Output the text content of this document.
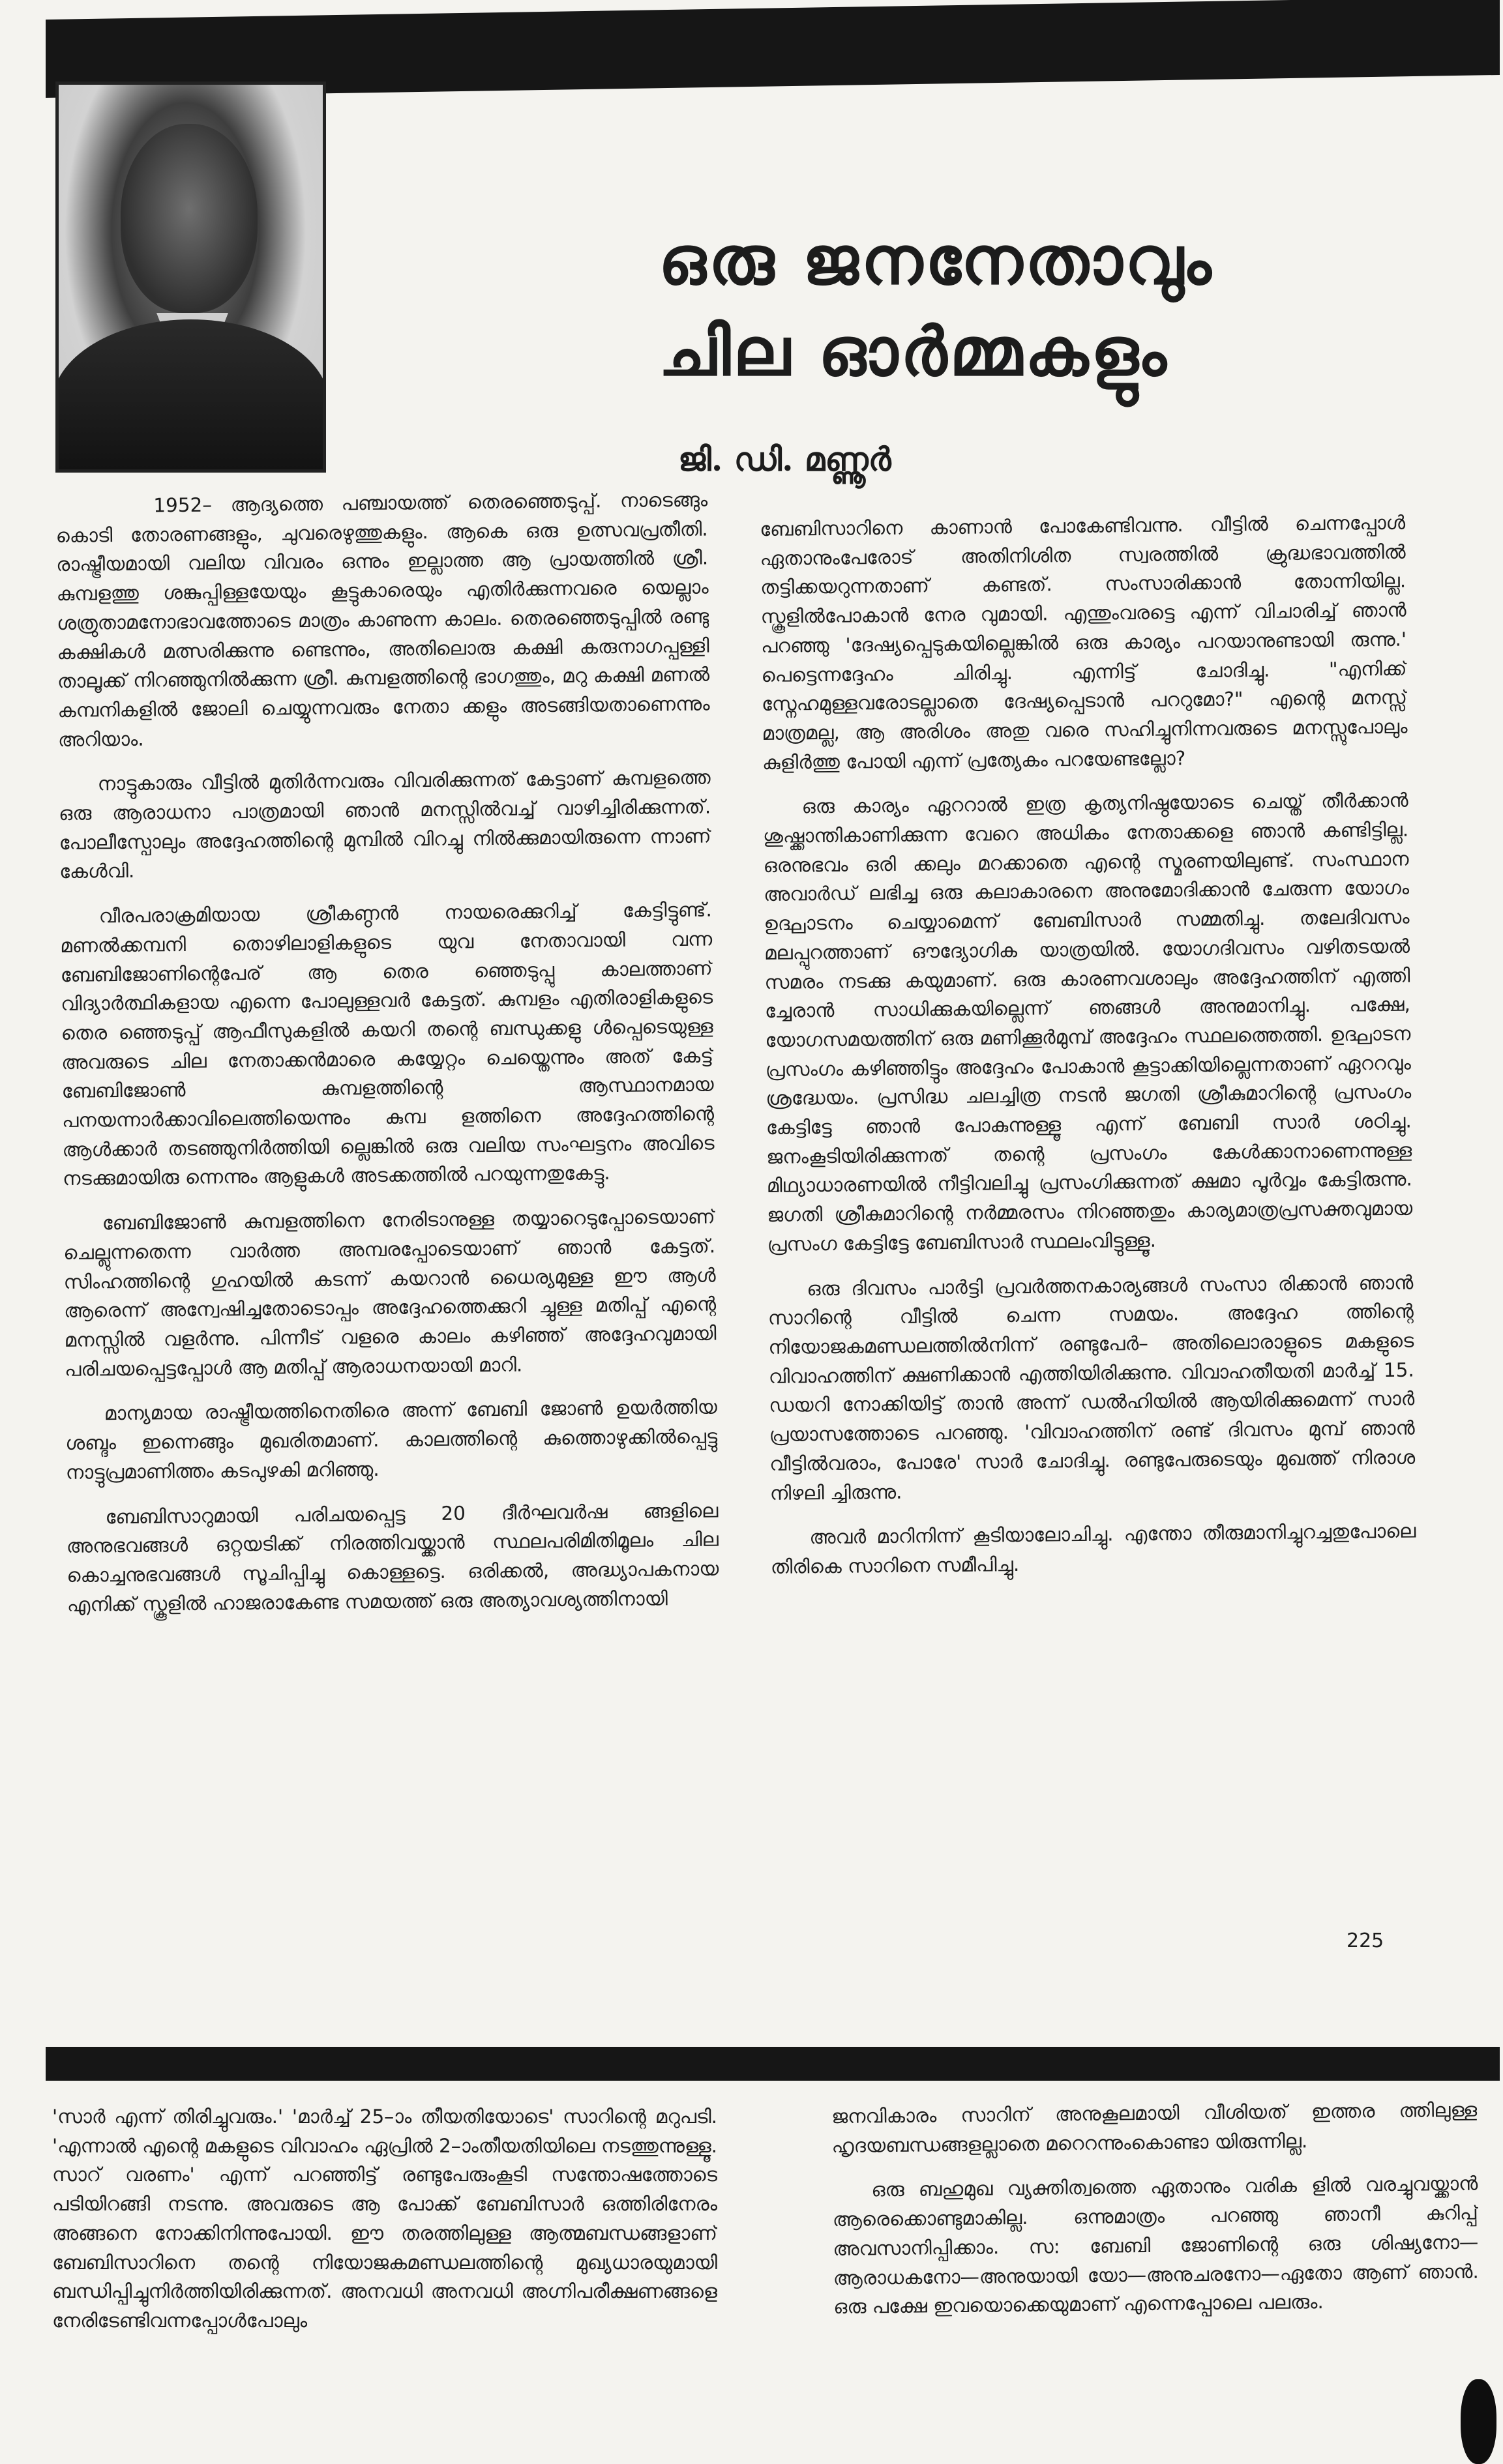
ഒരു ജനനേതാവും
ചില ഓർമ്മകളും
ജി. ഡി. മണ്ണൂർ

1952– ആദ്യത്തെ പഞ്ചായത്ത് തെരഞ്ഞെടുപ്പ്. നാടെങ്ങും കൊടി തോരണങ്ങളും, ചുവരെഴുത്തുകളും. ആകെ ഒരു ഉത്സവപ്രതീതി. രാഷ്ട്രീയമായി വലിയ വിവരം ഒന്നും ഇല്ലാത്ത ആ പ്രായത്തിൽ ശ്രീ. കുമ്പളത്തു ശങ്കുപ്പിള്ളയേയും കൂട്ടുകാരെയും എതിർക്കുന്നവരെ യെല്ലാം ശത്രുതാമനോഭാവത്തോടെ മാത്രം കാണുന്ന കാലം. തെരഞ്ഞെടുപ്പിൽ രണ്ടു കക്ഷികൾ മത്സരിക്കുന്നു ണ്ടെന്നും, അതിലൊരു കക്ഷി കരുനാഗപ്പള്ളി താലൂക്ക് നിറഞ്ഞുനിൽക്കുന്ന ശ്രീ. കുമ്പളത്തിന്റെ ഭാഗത്തും, മറു കക്ഷി മണൽ കമ്പനികളിൽ ജോലി ചെയ്യുന്നവരും നേതാ ക്കളും അടങ്ങിയതാണെന്നും അറിയാം.

നാട്ടുകാരും വീട്ടിൽ മുതിർന്നവരും വിവരിക്കുന്നത് കേട്ടാണ് കുമ്പളത്തെ ഒരു ആരാധനാ പാത്രമായി ഞാൻ മനസ്സിൽവച്ച് വാഴിച്ചിരിക്കുന്നത്. പോലീസ്പോലും അദ്ദേഹത്തിന്റെ മുമ്പിൽ വിറച്ചു നിൽക്കുമായിരുന്നെ ന്നാണ് കേൾവി.

വീരപരാക്രമിയായ ശ്രീകണ്ഠൻ നായരെക്കുറിച്ച് കേട്ടിട്ടുണ്ട്. മണൽക്കമ്പനി തൊഴിലാളികളുടെ യുവ നേതാവായി വന്ന ബേബിജോണിന്റെപേര് ആ തെര ഞ്ഞെടുപ്പു കാലത്താണ് വിദ്യാർത്ഥികളായ എന്നെ പോലുള്ളവർ കേട്ടത്. കുമ്പളം എതിരാളികളുടെ തെര ഞ്ഞെടുപ്പ് ആഫീസുകളിൽ കയറി തന്റെ ബന്ധുക്കളു ൾപ്പെടെയുള്ള അവരുടെ ചില നേതാക്കൻമാരെ കയ്യേറ്റം ചെയ്തെന്നും അത് കേട്ട് ബേബിജോൺ കുമ്പളത്തിന്റെ ആസ്ഥാനമായ പനയന്നാർക്കാവിലെത്തിയെന്നും കുമ്പ ളത്തിനെ അദ്ദേഹത്തിന്റെ ആൾക്കാർ തടഞ്ഞുനിർത്തിയി ല്ലെങ്കിൽ ഒരു വലിയ സംഘട്ടനം അവിടെ നടക്കുമായിരു ന്നെന്നും ആളുകൾ അടക്കത്തിൽ പറയുന്നതുകേട്ടു.

ബേബിജോൺ കുമ്പളത്തിനെ നേരിടാനുള്ള തയ്യാറെടുപ്പോടെയാണ് ചെല്ലുന്നതെന്ന വാർത്ത അമ്പരപ്പോടെയാണ് ഞാൻ കേട്ടത്. സിംഹത്തിന്റെ ഗുഹയിൽ കടന്ന് കയറാൻ ധൈര്യമുള്ള ഈ ആൾ ആരെന്ന് അന്വേഷിച്ചതോടൊപ്പം അദ്ദേഹത്തെക്കുറി ച്ചുള്ള മതിപ്പ് എന്റെ മനസ്സിൽ വളർന്നു. പിന്നീട് വളരെ കാലം കഴിഞ്ഞ് അദ്ദേഹവുമായി പരിചയപ്പെട്ടപ്പോൾ ആ മതിപ്പ് ആരാധനയായി മാറി.

മാന്യമായ രാഷ്ട്രീയത്തിനെതിരെ അന്ന് ബേബി ജോൺ ഉയർത്തിയ ശബ്ദം ഇന്നെങ്ങും മുഖരിതമാണ്. കാലത്തിന്റെ കുത്തൊഴുക്കിൽപ്പെട്ടു നാട്ടുപ്രമാണിത്തം കടപുഴകി മറിഞ്ഞു.

ബേബിസാറുമായി പരിചയപ്പെട്ട 20 ദീർഘവർഷ ങ്ങളിലെ അനുഭവങ്ങൾ ഒറ്റയടിക്ക് നിരത്തിവയ്ക്കാൻ സ്ഥലപരിമിതിമൂലം ചില കൊച്ചനുഭവങ്ങൾ സൂചിപ്പിച്ചു കൊള്ളട്ടെ. ഒരിക്കൽ, അദ്ധ്യാപകനായ എനിക്ക് സ്കൂളിൽ ഹാജരാകേണ്ട സമയത്ത് ഒരു അത്യാവശ്യത്തിനായി

ബേബിസാറിനെ കാണാൻ പോകേണ്ടിവന്നു. വീട്ടിൽ ചെന്നപ്പോൾ ഏതാനുംപേരോട് അതിനിശിത സ്വരത്തിൽ ക്രുദ്ധഭാവത്തിൽ തട്ടിക്കയറുന്നതാണ് കണ്ടത്. സംസാരിക്കാൻ തോന്നിയില്ല. സ്കൂളിൽപോകാൻ നേര വുമായി. എന്തുംവരട്ടെ എന്ന് വിചാരിച്ച് ഞാൻ പറഞ്ഞു 'ദേഷ്യപ്പെടുകയില്ലെങ്കിൽ ഒരു കാര്യം പറയാനുണ്ടായി രുന്നു.' പെട്ടെന്നദ്ദേഹം ചിരിച്ചു. എന്നിട്ട് ചോദിച്ചു. "എനിക്ക് സ്നേഹമുള്ളവരോടല്ലാതെ ദേഷ്യപ്പെടാൻ പററുമോ?" എന്റെ മനസ്സ് മാത്രമല്ല, ആ അരിശം അതു വരെ സഹിച്ചുനിന്നവരുടെ മനസ്സുപോലും കുളിർത്തു പോയി എന്ന് പ്രത്യേകം പറയേണ്ടല്ലോ?

ഒരു കാര്യം ഏററാൽ ഇത്ര കൃത്യനിഷ്ഠയോടെ ചെയ്ത് തീർക്കാൻ ശുഷ്ക്കാന്തികാണിക്കുന്ന വേറെ അധികം നേതാക്കളെ ഞാൻ കണ്ടിട്ടില്ല. ഒരനുഭവം ഒരി ക്കലും മറക്കാതെ എന്റെ സ്മരണയിലുണ്ട്. സംസ്ഥാന അവാർഡ് ലഭിച്ച ഒരു കലാകാരനെ അനുമോദിക്കാൻ ചേരുന്ന യോഗം ഉദ്ഘാടനം ചെയ്യാമെന്ന് ബേബിസാർ സമ്മതിച്ചു. തലേദിവസം മലപ്പുറത്താണ് ഔദ്യോഗിക യാത്രയിൽ. യോഗദിവസം വഴിതടയൽ സമരം നടക്കു കയുമാണ്. ഒരു കാരണവശാലും അദ്ദേഹത്തിന് എത്തി ച്ചേരാൻ സാധിക്കുകയില്ലെന്ന് ഞങ്ങൾ അനുമാനിച്ചു. പക്ഷേ, യോഗസമയത്തിന് ഒരു മണിക്കൂർമുമ്പ് അദ്ദേഹം സ്ഥലത്തെത്തി. ഉദ്ഘാടന പ്രസംഗം കഴിഞ്ഞിട്ടും അദ്ദേഹം പോകാൻ കൂട്ടാക്കിയില്ലെന്നതാണ് ഏററവും ശ്രദ്ധേയം. പ്രസിദ്ധ ചലച്ചിത്ര നടൻ ജഗതി ശ്രീകുമാറിന്റെ പ്രസംഗം കേട്ടിട്ടേ ഞാൻ പോകുന്നുള്ളൂ എന്ന് ബേബി സാർ ശഠിച്ചു. ജനംകൂടിയിരിക്കുന്നത് തന്റെ പ്രസംഗം കേൾക്കാനാണെന്നുള്ള മിഥ്യാധാരണയിൽ നീട്ടിവലിച്ചു പ്രസംഗിക്കുന്നത് ക്ഷമാ പൂർവ്വം കേട്ടിരുന്നു. ജഗതി ശ്രീകുമാറിന്റെ നർമ്മരസം നിറഞ്ഞതും കാര്യമാത്രപ്രസക്തവുമായ പ്രസംഗ കേട്ടിട്ടേ ബേബിസാർ സ്ഥലംവിട്ടുള്ളൂ.

ഒരു ദിവസം പാർട്ടി പ്രവർത്തനകാര്യങ്ങൾ സംസാ രിക്കാൻ ഞാൻ സാറിന്റെ വീട്ടിൽ ചെന്ന സമയം. അദ്ദേഹ ത്തിന്റെ നിയോജകമണ്ഡലത്തിൽനിന്ന് രണ്ടുപേർ– അതിലൊരാളുടെ മകളുടെ വിവാഹത്തിന് ക്ഷണിക്കാൻ എത്തിയിരിക്കുന്നു. വിവാഹതീയതി മാർച്ച് 15. ഡയറി നോക്കിയിട്ട് താൻ അന്ന് ഡൽഹിയിൽ ആയിരിക്കുമെന്ന് സാർ പ്രയാസത്തോടെ പറഞ്ഞു. 'വിവാഹത്തിന് രണ്ട് ദിവസം മുമ്പ് ഞാൻ വീട്ടിൽവരാം, പോരേ' സാർ ചോദിച്ചു. രണ്ടുപേരുടെയും മുഖത്ത് നിരാശ നിഴലി ച്ചിരുന്നു.

അവർ മാറിനിന്ന് കൂടിയാലോചിച്ചു. എന്തോ തീരുമാനിച്ചുറച്ചതുപോലെ തിരികെ സാറിനെ സമീപിച്ചു.

225

'സാർ എന്ന് തിരിച്ചുവരും.' 'മാർച്ച് 25–ാം തീയതിയോടെ' സാറിന്റെ മറുപടി. 'എന്നാൽ എന്റെ മകളുടെ വിവാഹം ഏപ്രിൽ 2–ാംതീയതിയിലെ നടത്തുന്നുള്ളൂ. സാറ് വരണം' എന്ന് പറഞ്ഞിട്ട് രണ്ടുപേരുംകൂടി സന്തോഷത്തോടെ പടിയിറങ്ങി നടന്നു. അവരുടെ ആ പോക്ക് ബേബിസാർ ഒത്തിരിനേരം അങ്ങനെ നോക്കിനിന്നുപോയി. ഈ തരത്തിലുള്ള ആത്മബന്ധങ്ങളാണ് ബേബിസാറിനെ തന്റെ നിയോജകമണ്ഡലത്തിന്റെ മുഖ്യധാരയുമായി ബന്ധിപ്പിച്ചുനിർത്തിയിരിക്കുന്നത്. അനവധി അനവധി അഗ്നിപരീക്ഷണങ്ങളെ നേരിടേണ്ടിവന്നപ്പോൾപോലും

ജനവികാരം സാറിന് അനുകൂലമായി വീശിയത് ഇത്തര ത്തിലുള്ള ഹൃദയബന്ധങ്ങളല്ലാതെ മറെറന്നുംകൊണ്ടാ യിരുന്നില്ല.

ഒരു ബഹുമുഖ വ്യക്തിത്വത്തെ ഏതാനും വരിക ളിൽ വരച്ചുവയ്ക്കാൻ ആരെക്കൊണ്ടുമാകില്ല. ഒന്നുമാത്രം പറഞ്ഞു ഞാനീ കുറിപ്പ് അവസാനിപ്പിക്കാം. സ: ബേബി ജോണിന്റെ ഒരു ശിഷ്യനോ—ആരാധകനോ—അനുയായി യോ—അനുചരനോ—ഏതോ ആണ് ഞാൻ. ഒരു പക്ഷേ ഇവയൊക്കെയുമാണ് എന്നെപ്പോലെ പലരും.
